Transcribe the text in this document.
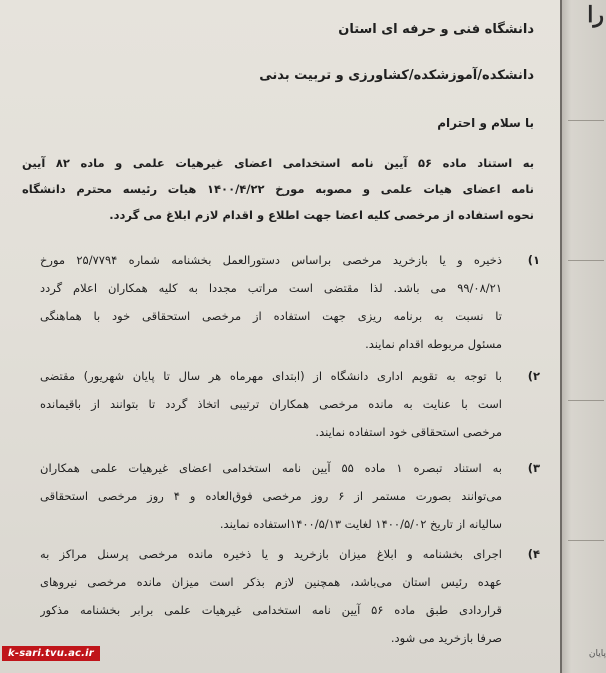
دانشگاه فنی و حرفه ای استان
دانشکده/آموزشکده/کشاورزی و تربیت بدنی
با سلام و احترام
به استناد ماده ۵۶ آیین نامه استخدامی اعضای غیرهیات علمی و ماده ۸۲ آیین
نامه اعضای هیات علمی و مصوبه مورخ ۱۴۰۰/۴/۲۲ هیات رئیسه محترم دانشگاه
نحوه استفاده از مرخصی کلیه اعضا جهت اطلاع و اقدام لازم ابلاغ می گردد.
۱)
ذخیره و یا بازخرید مرخصی براساس دستورالعمل بخشنامه شماره ۲۵/۷۷۹۴ مورخ
۹۹/۰۸/۲۱ می باشد. لذا مقتضی است مراتب مجددا به کلیه همکاران اعلام گردد
تا نسبت به برنامه ریزی جهت استفاده از مرخصی استحقاقی خود با هماهنگی
مسئول مربوطه اقدام نمایند.
۲)
با توجه به تقویم اداری دانشگاه از (ابتدای مهرماه هر سال تا پایان شهریور) مقتضی
است با عنایت به مانده مرخصی همکاران ترتیبی اتخاذ گردد تا بتوانند از باقیمانده
مرخصی استحقاقی خود استفاده نمایند.
۳)
به استناد تبصره ۱ ماده ۵۵ آیین نامه استخدامی اعضای غیرهیات علمی همکاران
می‌توانند بصورت مستمر از ۶ روز مرخصی فوق‌العاده و ۴ روز مرخصی استحقاقی
سالیانه از تاریخ ۱۴۰۰/۵/۰۲ لغایت ۱۴۰۰/۵/۱۳استفاده نمایند.
۴)
اجرای بخشنامه و ابلاغ میزان بازخرید و یا ذخیره مانده مرخصی پرسنل مراکز به
عهده رئیس استان می‌باشد، همچنین لازم بذکر است میزان مانده مرخصی نیروهای
قراردادی طبق ماده ۵۶ آیین نامه استخدامی غیرهیات علمی برابر بخشنامه مذکور
صرفا بازخرید می شود.
k-sari.tvu.ac.ir
را
پایان
